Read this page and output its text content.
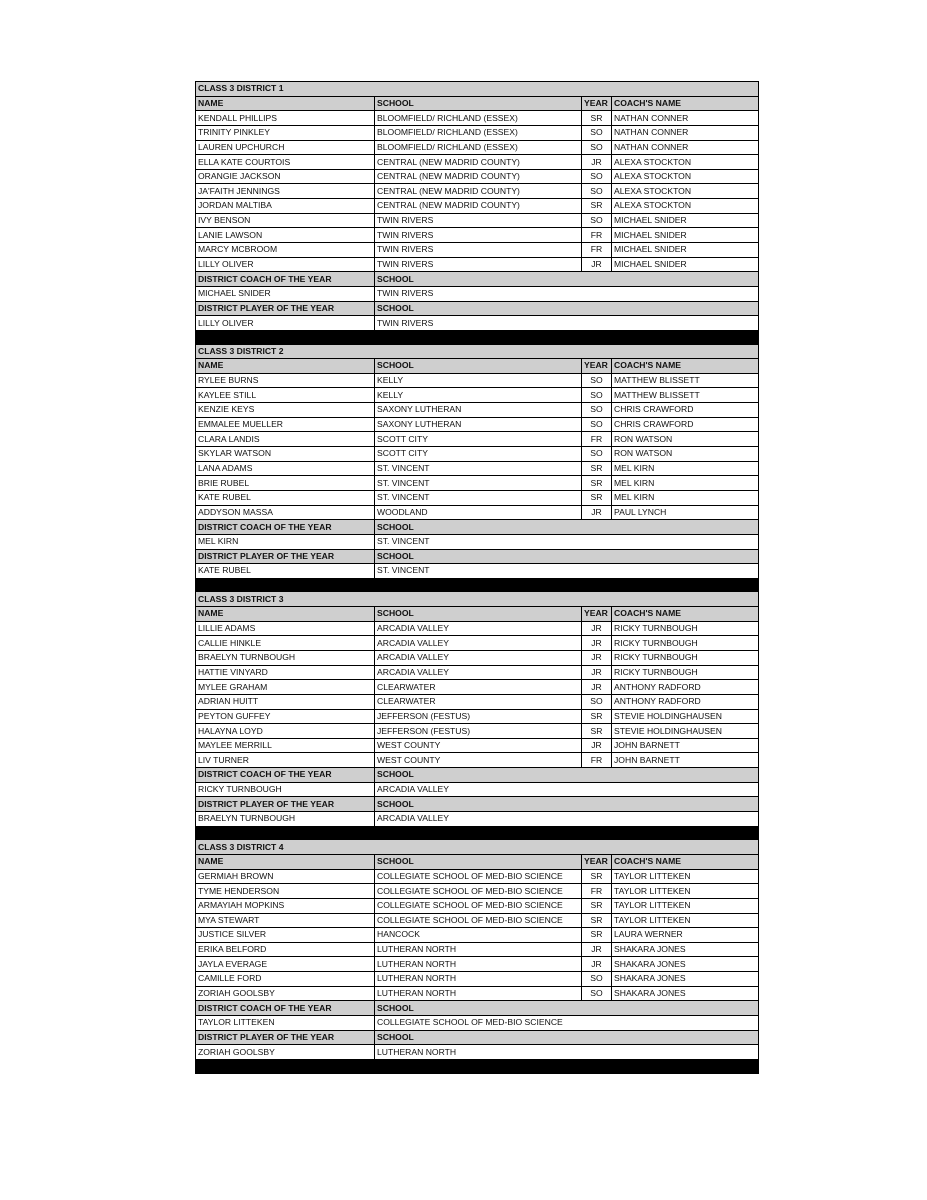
CLASS 3 DISTRICT 1			
NAME	SCHOOL	YEAR	COACH'S NAME
KENDALL PHILLIPS	BLOOMFIELD/ RICHLAND (ESSEX)	SR	NATHAN CONNER
TRINITY PINKLEY	BLOOMFIELD/ RICHLAND (ESSEX)	SO	NATHAN CONNER
LAUREN UPCHURCH	BLOOMFIELD/ RICHLAND (ESSEX)	SO	NATHAN CONNER
ELLA KATE COURTOIS	CENTRAL (NEW MADRID COUNTY)	JR	ALEXA STOCKTON
ORANGIE JACKSON	CENTRAL (NEW MADRID COUNTY)	SO	ALEXA STOCKTON
JA'FAITH JENNINGS	CENTRAL (NEW MADRID COUNTY)	SO	ALEXA STOCKTON
JORDAN MALTIBA	CENTRAL (NEW MADRID COUNTY)	SR	ALEXA STOCKTON
IVY BENSON	TWIN RIVERS	SO	MICHAEL SNIDER
LANIE LAWSON	TWIN RIVERS	FR	MICHAEL SNIDER
MARCY MCBROOM	TWIN RIVERS	FR	MICHAEL SNIDER
LILLY OLIVER	TWIN RIVERS	JR	MICHAEL SNIDER
DISTRICT COACH OF THE YEAR	SCHOOL		
MICHAEL SNIDER	TWIN RIVERS		
DISTRICT PLAYER OF THE YEAR	SCHOOL		
LILLY OLIVER	TWIN RIVERS		

CLASS 3 DISTRICT 2			
NAME	SCHOOL	YEAR	COACH'S NAME
RYLEE BURNS	KELLY	SO	MATTHEW BLISSETT
KAYLEE STILL	KELLY	SO	MATTHEW BLISSETT
KENZIE KEYS	SAXONY LUTHERAN	SO	CHRIS CRAWFORD
EMMALEE MUELLER	SAXONY LUTHERAN	SO	CHRIS CRAWFORD
CLARA LANDIS	SCOTT CITY	FR	RON WATSON
SKYLAR WATSON	SCOTT CITY	SO	RON WATSON
LANA ADAMS	ST. VINCENT	SR	MEL KIRN
BRIE RUBEL	ST. VINCENT	SR	MEL KIRN
KATE RUBEL	ST. VINCENT	SR	MEL KIRN
ADDYSON MASSA	WOODLAND	JR	PAUL LYNCH
DISTRICT COACH OF THE YEAR	SCHOOL		
MEL KIRN	ST. VINCENT		
DISTRICT PLAYER OF THE YEAR	SCHOOL		
KATE RUBEL	ST. VINCENT		

CLASS 3 DISTRICT 3			
NAME	SCHOOL	YEAR	COACH'S NAME
LILLIE ADAMS	ARCADIA VALLEY	JR	RICKY TURNBOUGH
CALLIE HINKLE	ARCADIA VALLEY	JR	RICKY TURNBOUGH
BRAELYN TURNBOUGH	ARCADIA VALLEY	JR	RICKY TURNBOUGH
HATTIE VINYARD	ARCADIA VALLEY	JR	RICKY TURNBOUGH
MYLEE GRAHAM	CLEARWATER	JR	ANTHONY RADFORD
ADRIAN HUITT	CLEARWATER	SO	ANTHONY RADFORD
PEYTON GUFFEY	JEFFERSON (FESTUS)	SR	STEVIE HOLDINGHAUSEN
HALAYNA LOYD	JEFFERSON (FESTUS)	SR	STEVIE HOLDINGHAUSEN
MAYLEE MERRILL	WEST COUNTY	JR	JOHN BARNETT
LIV TURNER	WEST COUNTY	FR	JOHN BARNETT
DISTRICT COACH OF THE YEAR	SCHOOL		
RICKY TURNBOUGH	ARCADIA VALLEY		
DISTRICT PLAYER OF THE YEAR	SCHOOL		
BRAELYN TURNBOUGH	ARCADIA VALLEY		

CLASS 3 DISTRICT 4			
NAME	SCHOOL	YEAR	COACH'S NAME
GERMIAH BROWN	COLLEGIATE SCHOOL OF MED-BIO SCIENCE	SR	TAYLOR LITTEKEN
TYME HENDERSON	COLLEGIATE SCHOOL OF MED-BIO SCIENCE	FR	TAYLOR LITTEKEN
ARMAYIAH MOPKINS	COLLEGIATE SCHOOL OF MED-BIO SCIENCE	SR	TAYLOR LITTEKEN
MYA STEWART	COLLEGIATE SCHOOL OF MED-BIO SCIENCE	SR	TAYLOR LITTEKEN
JUSTICE SILVER	HANCOCK	SR	LAURA WERNER
ERIKA BELFORD	LUTHERAN NORTH	JR	SHAKARA JONES
JAYLA EVERAGE	LUTHERAN NORTH	JR	SHAKARA JONES
CAMILLE FORD	LUTHERAN NORTH	SO	SHAKARA JONES
ZORIAH GOOLSBY	LUTHERAN NORTH	SO	SHAKARA JONES
DISTRICT COACH OF THE YEAR	SCHOOL		
TAYLOR LITTEKEN	COLLEGIATE SCHOOL OF MED-BIO SCIENCE		
DISTRICT PLAYER OF THE YEAR	SCHOOL		
ZORIAH GOOLSBY	LUTHERAN NORTH		
